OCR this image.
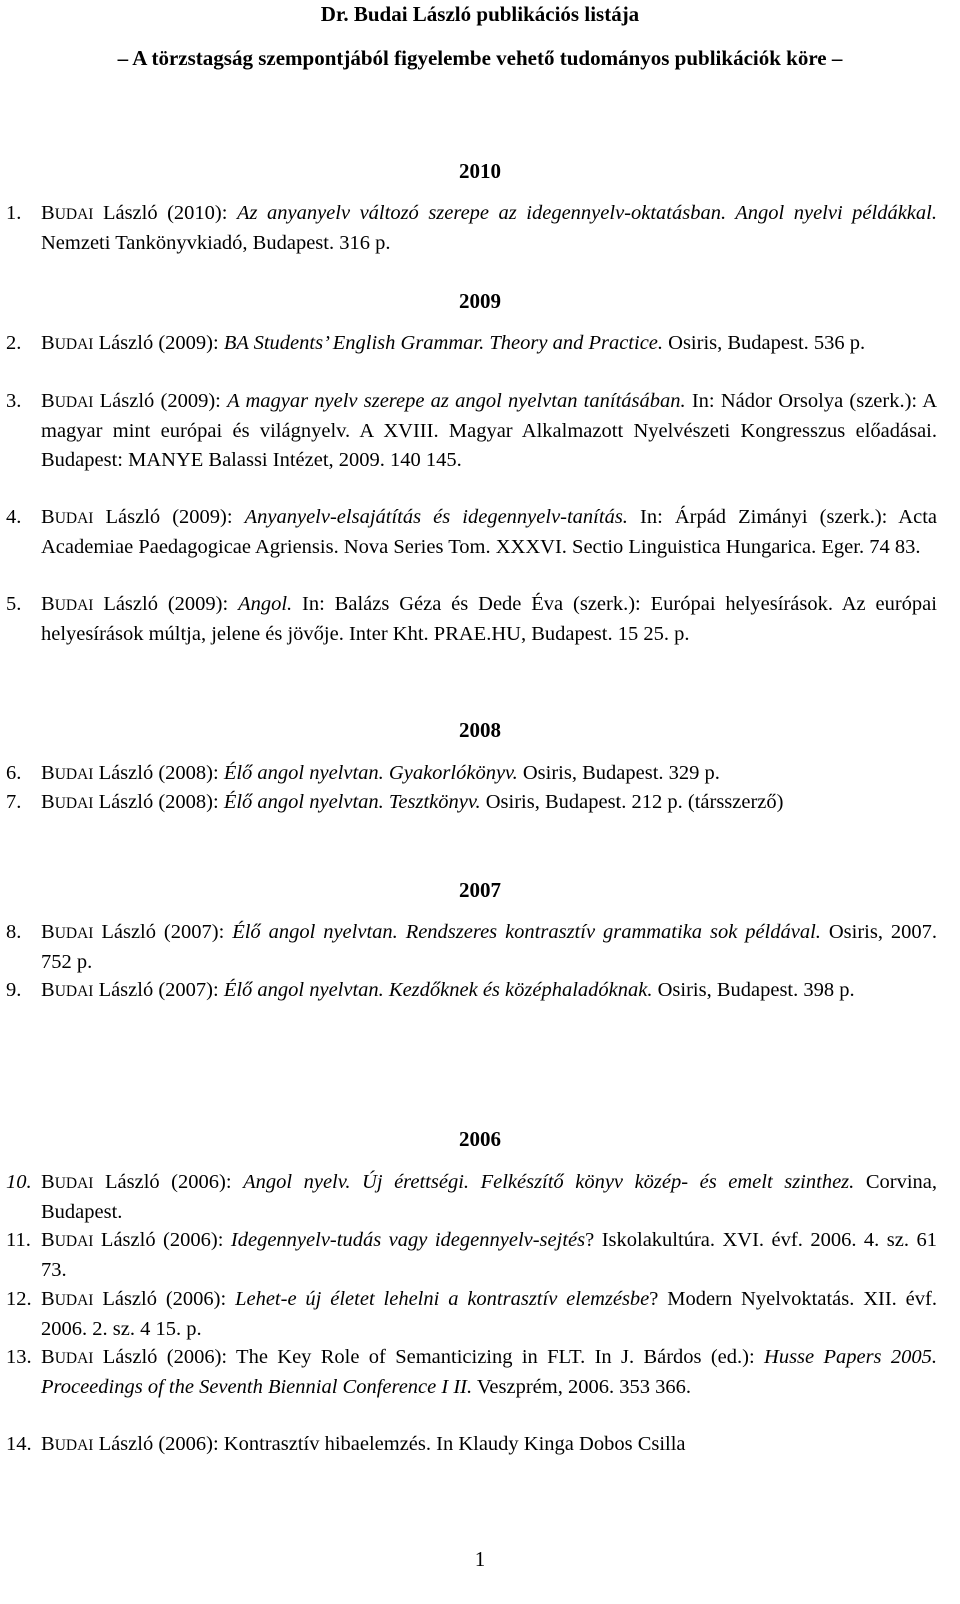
Dr. Budai László publikációs listája
– A törzstagság szempontjából figyelembe vehető tudományos publikációk köre –
2010
1. BUDAI László (2010): Az anyanyelv változó szerepe az idegennyelv-oktatásban. Angol nyelvi példákkal. Nemzeti Tankönyvkiadó, Budapest. 316 p.
2009
2. BUDAI László (2009): BA Students’ English Grammar. Theory and Practice. Osiris, Budapest. 536 p.
3. BUDAI László (2009): A magyar nyelv szerepe az angol nyelvtan tanításában. In: Nádor Orsolya (szerk.): A magyar mint európai és világnyelv. A XVIII. Magyar Alkalmazott Nyelvészeti Kongresszus előadásai. Budapest: MANYE Balassi Intézet, 2009. 140 145.
4. BUDAI László (2009): Anyanyelv-elsajátítás és idegennyelv-tanítás. In: Árpád Zimányi (szerk.): Acta Academiae Paedagogicae Agriensis. Nova Series Tom. XXXVI. Sectio Linguistica Hungarica. Eger. 74 83.
5. BUDAI László (2009): Angol. In: Balázs Géza és Dede Éva (szerk.): Európai helyesírások. Az európai helyesírások múltja, jelene és jövője. Inter Kht. PRAE.HU, Budapest. 15 25. p.
2008
6. BUDAI László (2008): Élő angol nyelvtan. Gyakorlókönyv. Osiris, Budapest. 329 p.
7. BUDAI László (2008): Élő angol nyelvtan. Tesztkönyv. Osiris, Budapest. 212 p. (társszerző)
2007
8. BUDAI László (2007): Élő angol nyelvtan. Rendszeres kontrasztív grammatika sok példával. Osiris, 2007. 752 p.
9. BUDAI László (2007): Élő angol nyelvtan. Kezdőknek és középhaladóknak. Osiris, Budapest. 398 p.
2006
10. BUDAI László (2006): Angol nyelv. Új érettségi. Felkészítő könyv közép- és emelt szinthez. Corvina, Budapest.
11. BUDAI László (2006): Idegennyelv-tudás vagy idegennyelv-sejtés? Iskolakultúra. XVI. évf. 2006. 4. sz. 61 73.
12. BUDAI László (2006): Lehet-e új életet lehelni a kontrasztív elemzésbe? Modern Nyelvoktatás. XII. évf. 2006. 2. sz. 4 15. p.
13. BUDAI László (2006): The Key Role of Semanticizing in FLT. In J. Bárdos (ed.): Husse Papers 2005. Proceedings of the Seventh Biennial Conference I II. Veszprém, 2006. 353 366.
14. BUDAI László (2006): Kontrasztív hibaelemzés. In Klaudy Kinga Dobos Csilla
1
